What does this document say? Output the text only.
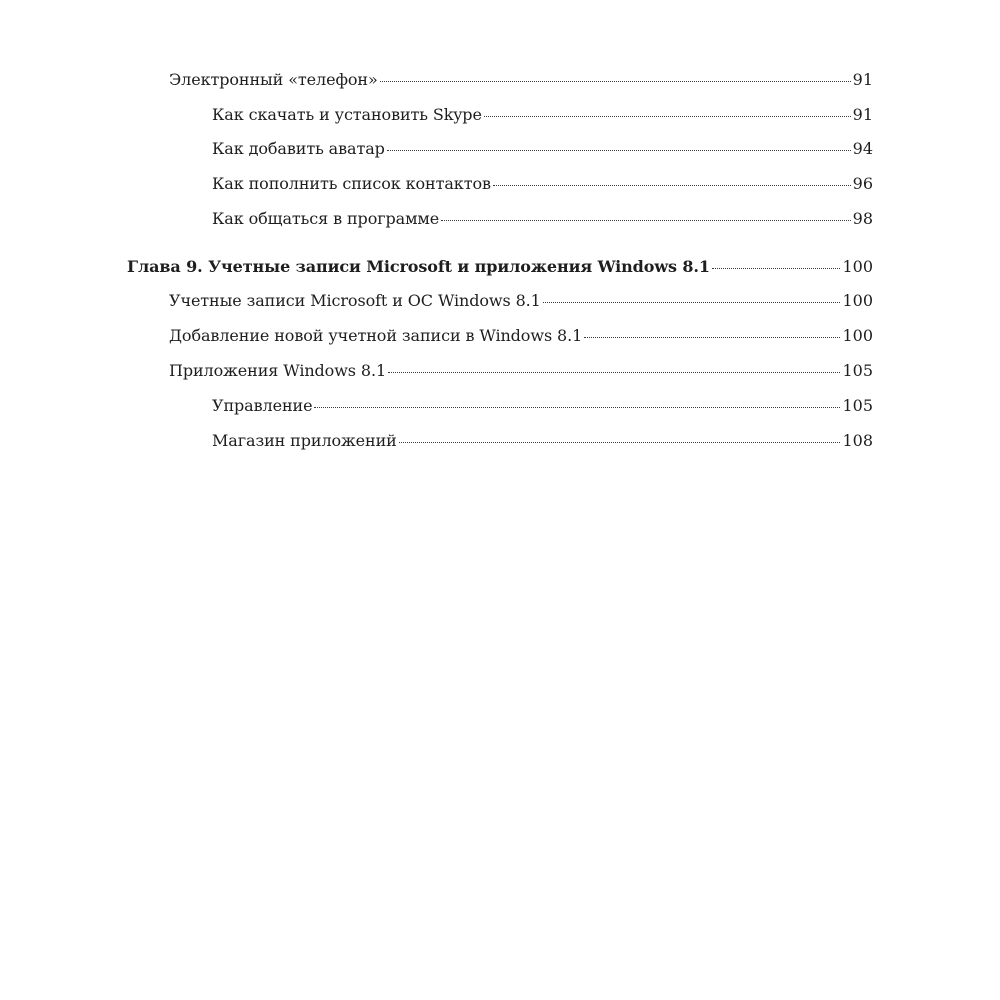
Электронный «телефон»	91
Как скачать и установить Skype	91
Как добавить аватар	94
Как пополнить список контактов	96
Как общаться в программе	98
Глава 9. Учетные записи Microsoft и приложения Windows 8.1	100
Учетные записи Microsoft и ОС Windows 8.1	100
Добавление новой учетной записи в Windows 8.1	100
Приложения Windows 8.1	105
Управление	105
Магазин приложений	108
